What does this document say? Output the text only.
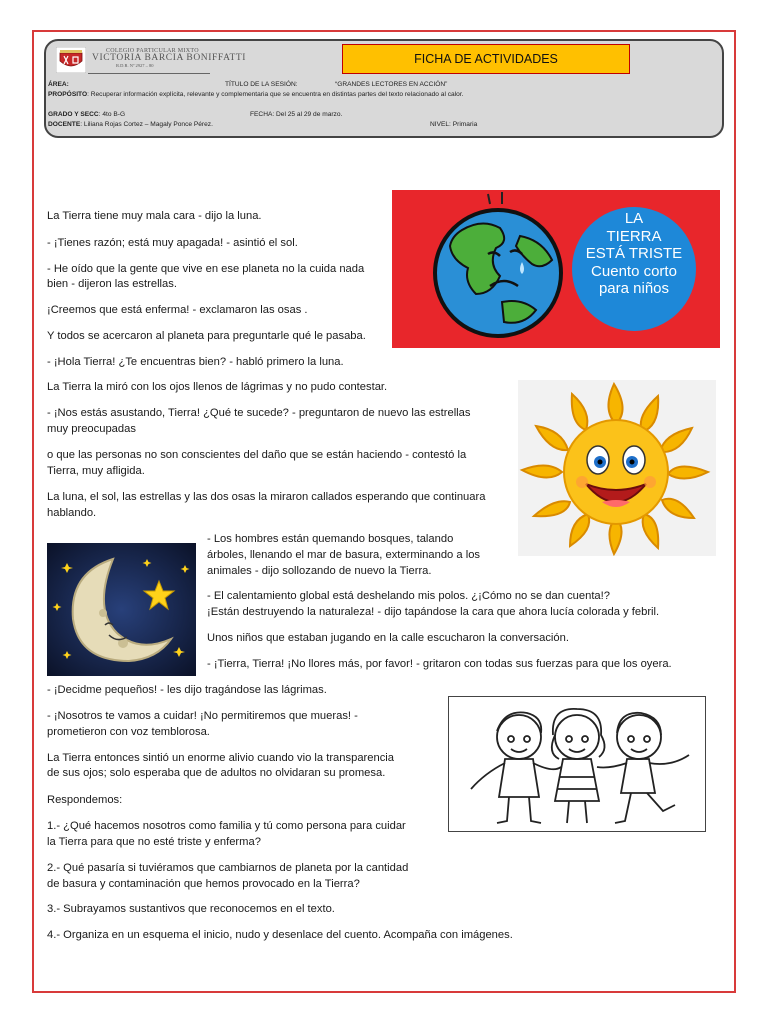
COLEGIO PARTICULAR MIXTO
VICTORIA BARCIA BONIFFATTI
R.D.R. Nº 2927 – 80	FICHA DE ACTIVIDADES
ÁREA:	TÍTULO DE LA SESIÓN:	“GRANDES LECTORES EN ACCIÓN”
PROPÓSITO: Recuperar información explícita, relevante y complementaria que se encuentra en distintas partes del texto relacionado al calor.
GRADO Y SECC: 4to B-G	FECHA: Del 25 al 29 de marzo.
DOCENTE: Liliana Rojas Cortez – Magaly Ponce Pérez.	NIVEL: Primaria
LA
TIERRA
ESTÁ TRISTE
Cuento corto
para niños
La Tierra tiene muy mala cara - dijo la luna.
- ¡Tienes razón; está muy apagada! - asintió el sol.
- He oído que la gente que vive en ese planeta no la cuida nada
bien - dijeron las estrellas.
¡Creemos que está enferma! - exclamaron las osas .
Y todos se acercaron al planeta para preguntarle qué le pasaba.
- ¡Hola Tierra! ¿Te encuentras bien? - habló primero la luna.
La Tierra la miró con los ojos llenos de lágrimas y no pudo contestar.
- ¡Nos estás asustando, Tierra! ¿Qué te sucede? - preguntaron de nuevo las estrellas
muy preocupadas
o que las personas no son conscientes del daño que se están haciendo - contestó la
Tierra, muy afligida.
La luna, el sol, las estrellas y las dos osas la miraron callados esperando que continuara
hablando.
- Los hombres están quemando bosques, talando
árboles, llenando el mar de basura, exterminando a los
animales - dijo sollozando de nuevo la Tierra.
- El calentamiento global está deshelando mis polos. ¿¡Cómo no se dan cuenta!?
¡Están destruyendo la naturaleza! - dijo tapándose la cara que ahora lucía colorada y febril.
Unos niños que estaban jugando en la calle escucharon la conversación.
- ¡Tierra, Tierra! ¡No llores más, por favor! - gritaron con todas sus fuerzas para que los oyera.
- ¡Decidme pequeños! - les dijo tragándose las lágrimas.
- ¡Nosotros te vamos a cuidar! ¡No permitiremos que mueras! -
prometieron con voz temblorosa.
La Tierra entonces sintió un enorme alivio cuando vio la transparencia
de sus ojos; solo esperaba que de adultos no olvidaran su promesa.
Respondemos:
1.- ¿Qué hacemos nosotros como familia y tú como persona para cuidar
la Tierra para que no esté triste y enferma?
2.- Qué pasaría si tuviéramos que cambiarnos de planeta por la cantidad
de basura y contaminación que hemos provocado en la Tierra?
3.- Subrayamos sustantivos que reconocemos en el texto.
4.- Organiza en un esquema el inicio, nudo y desenlace del cuento. Acompaña con imágenes.
